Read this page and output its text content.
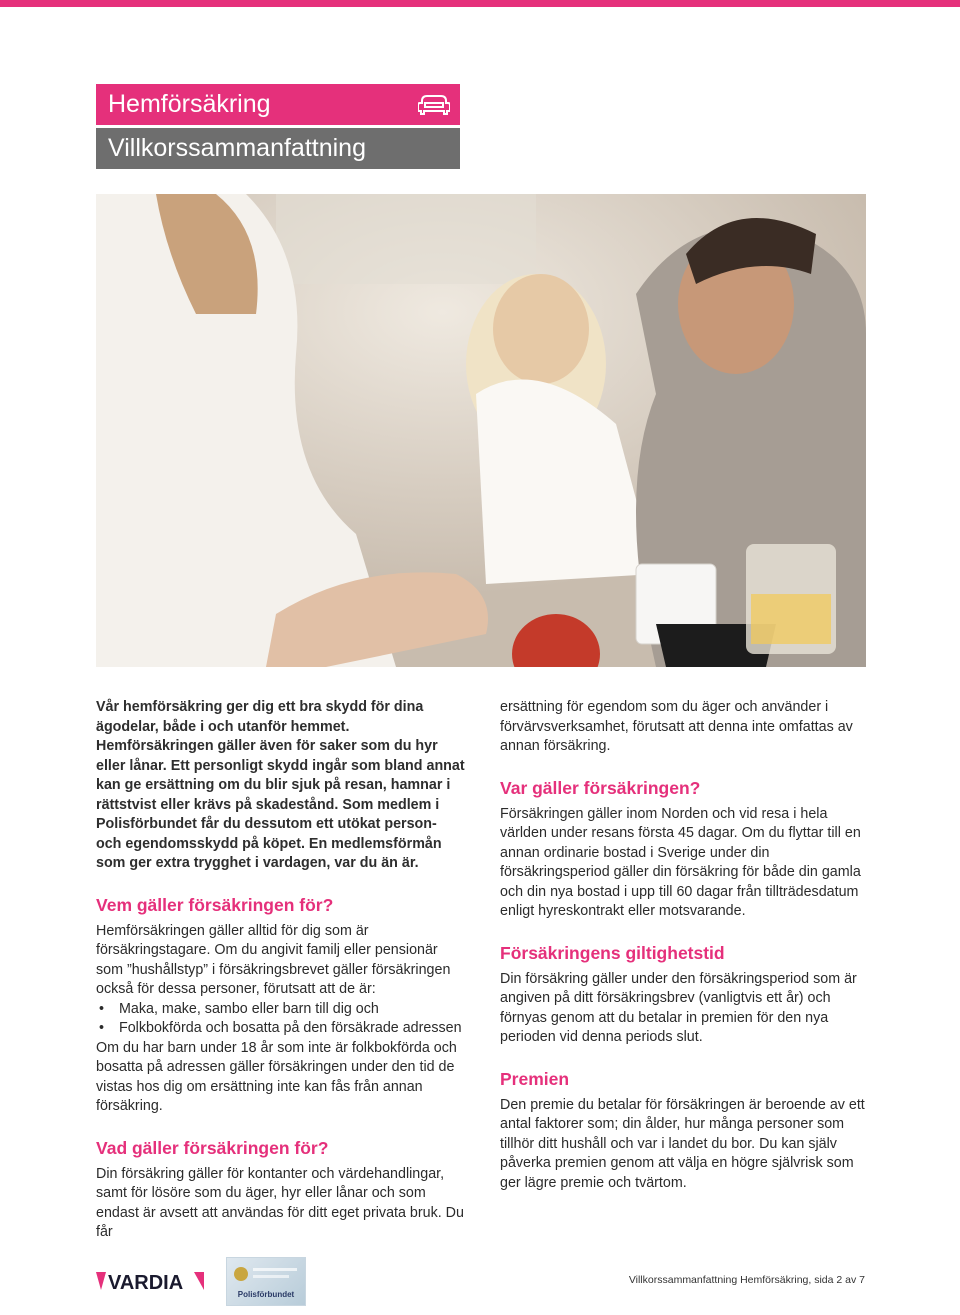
Hemförsäkring
Villkorssammanfattning

Vår hemförsäkring ger dig ett bra skydd för dina ägodelar, både i och utanför hemmet. Hemförsäkringen gäller även för saker som du hyr eller lånar. Ett personligt skydd ingår som bland annat kan ge ersättning om du blir sjuk på resan, hamnar i rättstvist eller krävs på skadestånd. Som medlem i Polisförbundet får du dessutom ett utökat person- och egendomsskydd på köpet. En medlemsförmån som ger extra trygghet i vardagen, var du än är.

Vem gäller försäkringen för?

Hemförsäkringen gäller alltid för dig som är försäkringstagare. Om du angivit familj eller pensionär som ”hushållstyp” i försäkringsbrevet gäller försäkringen också för dessa personer, förutsatt att de är:

• Maka, make, sambo eller barn till dig och

• Folkbokförda och bosatta på den försäkrade adressen

Om du har barn under 18 år som inte är folkbokförda och bosatta på adressen gäller försäkringen under den tid de vistas hos dig om ersättning inte kan fås från annan försäkring.

Vad gäller försäkringen för?

Din försäkring gäller för kontanter och värdehandlingar, samt för lösöre som du äger, hyr eller lånar och som endast är avsett att användas för ditt eget privata bruk. Du får

ersättning för egendom som du äger och använder i förvärvsverksamhet, förutsatt att denna inte omfattas av annan försäkring.

Var gäller försäkringen?

Försäkringen gäller inom Norden och vid resa i hela världen under resans första 45 dagar. Om du flyttar till en annan ordinarie bostad i Sverige under din försäkringsperiod gäller din försäkring för både din gamla och din nya bostad i upp till 60 dagar från tillträdesdatum enligt hyreskontrakt eller motsvarande.

Försäkringens giltighetstid

Din försäkring gäller under den försäkringsperiod som är angiven på ditt försäkringsbrev (vanligtvis ett år) och förnyas genom att du betalar in premien för den nya perioden vid denna periods slut.

Premien

Den premie du betalar för försäkringen är beroende av ett antal faktorer som; din ålder, hur många personer som tillhör ditt hushåll och var i landet du bor. Du kan själv påverka premien genom att välja en högre självrisk som ger lägre premie och tvärtom.

VARDIA
Polisförbundet
Villkorssammanfattning Hemförsäkring, sida 2 av 7
